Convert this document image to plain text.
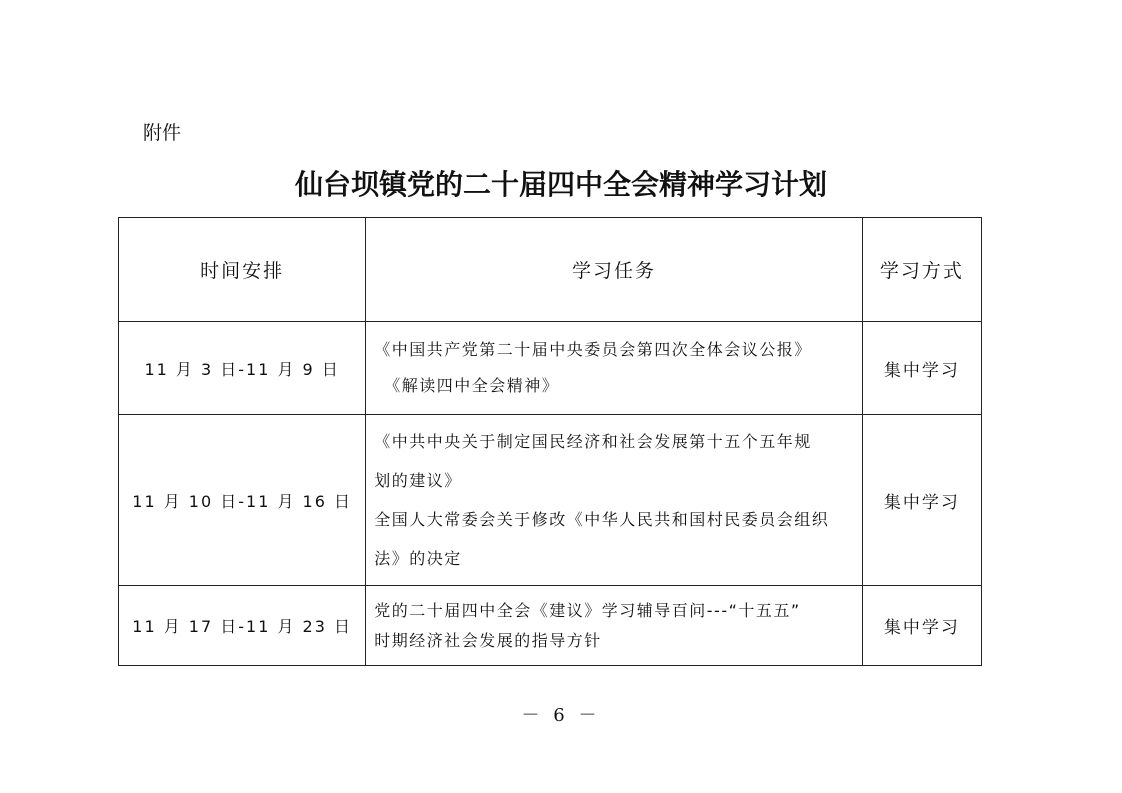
附件
仙台坝镇党的二十届四中全会精神学习计划
时间安排	学习任务	学习方式
11 月 3 日-11 月 9 日	《中国共产党第二十届中央委员会第四次全体会议公报》
《解读四中全会精神》	集中学习
11 月 10 日-11 月 16 日	《中共中央关于制定国民经济和社会发展第十五个五年规
划的建议》
全国人大常委会关于修改《中华人民共和国村民委员会组织
法》的决定	集中学习
11 月 17 日-11 月 23 日	党的二十届四中全会《建议》学习辅导百问---“十五五”
时期经济社会发展的指导方针	集中学习
－ 6 －
